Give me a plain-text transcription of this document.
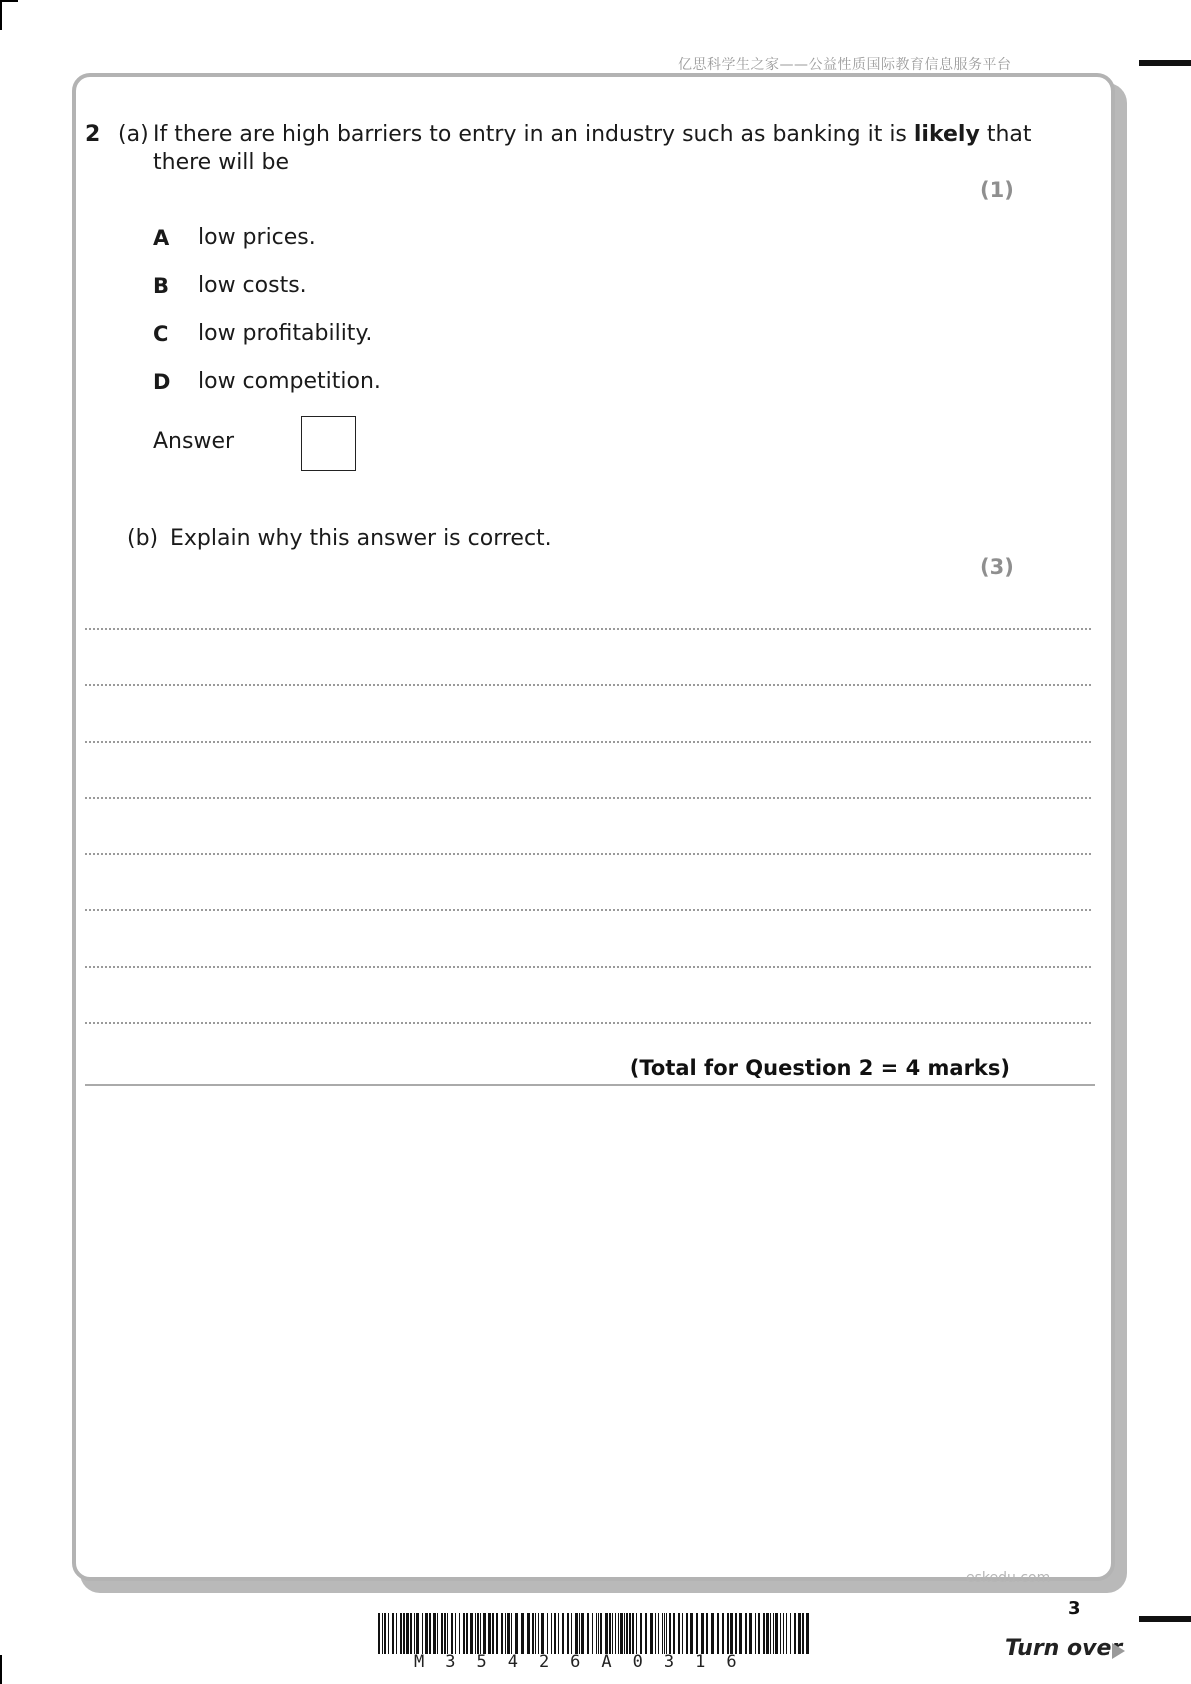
亿思科学生之家——公益性质国际教育信息服务平台
2 (a) If there are high barriers to entry in an industry such as banking it is likely that
there will be
(1)
A low prices.
B low costs.
C low profitability.
D low competition.
Answer
(b) Explain why this answer is correct.
(3)
(Total for Question 2 = 4 marks)
eskedu.com
3
M35426A0316
Turn over
